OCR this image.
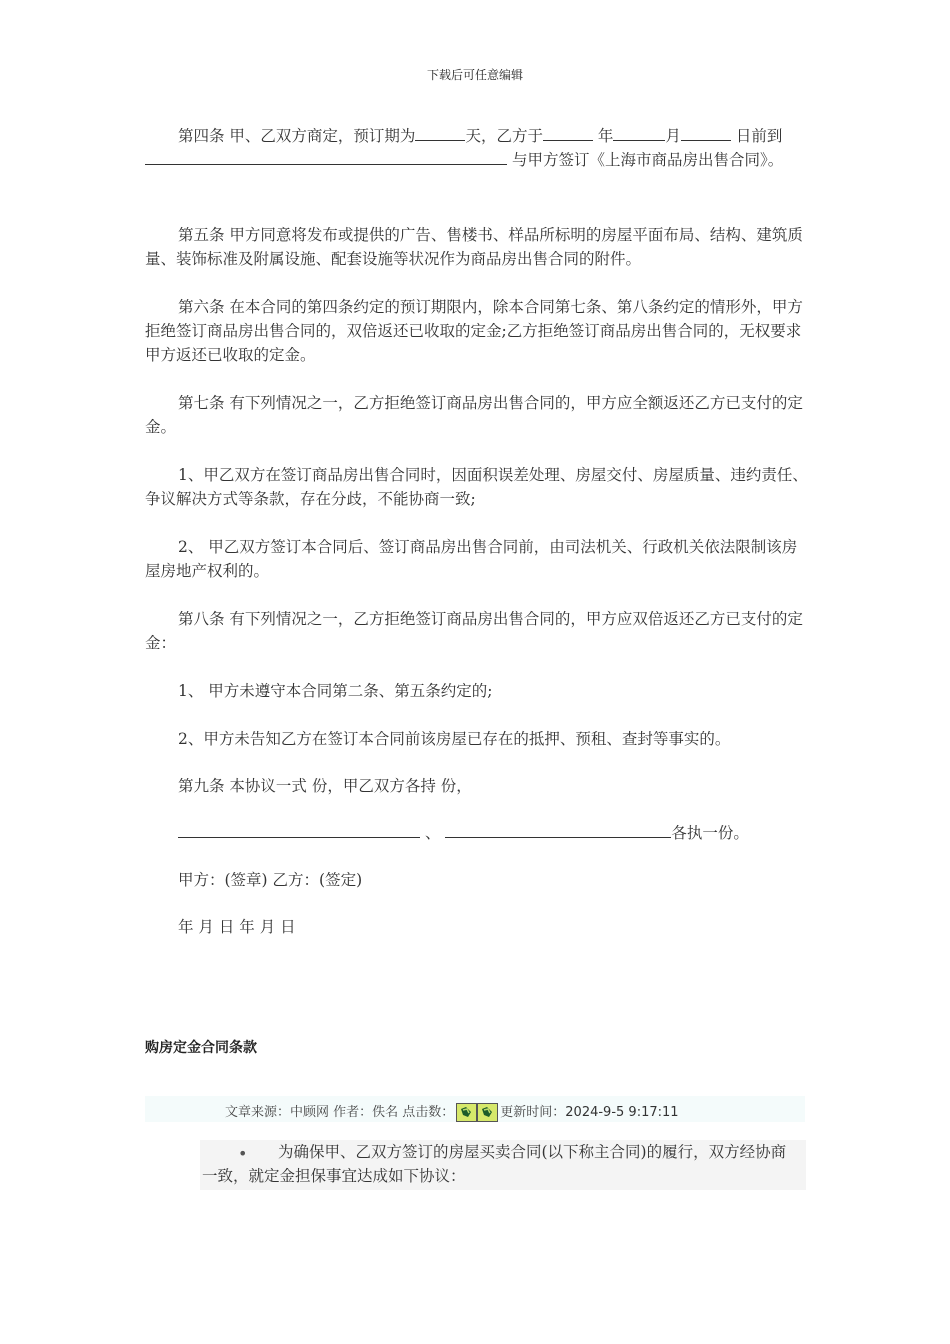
下载后可任意编辑
第四条 甲、乙双方商定，预订期为	天，乙方于	年	月	日前到  与甲方签订《上海市商品房出售合同》。
第五条 甲方同意将发布或提供的广告、售楼书、样品所标明的房屋平面布局、结构、建筑质量、装饰标准及附属设施、配套设施等状况作为商品房出售合同的附件。
第六条 在本合同的第四条约定的预订期限内，除本合同第七条、第八条约定的情形外，甲方拒绝签订商品房出售合同的，双倍返还已收取的定金;乙方拒绝签订商品房出售合同的，无权要求甲方返还已收取的定金。
第七条 有下列情况之一，乙方拒绝签订商品房出售合同的，甲方应全额返还乙方已支付的定金。
1、甲乙双方在签订商品房出售合同时，因面积误差处理、房屋交付、房屋质量、违约责任、争议解决方式等条款，存在分歧，不能协商一致;
2、 甲乙双方签订本合同后、签订商品房出售合同前，由司法机关、行政机关依法限制该房屋房地产权利的。
第八条 有下列情况之一，乙方拒绝签订商品房出售合同的，甲方应双倍返还乙方已支付的定金：
1、 甲方未遵守本合同第二条、第五条约定的;
2、甲方未告知乙方在签订本合同前该房屋已存在的抵押、预租、查封等事实的。
第九条 本协议一式 份，甲乙双方各持 份，
、	各执一份。
甲方：(签章) 乙方：(签定)
年 月 日 年 月 日
购房定金合同条款
文章来源：中顾网 作者：佚名 点击数：	更新时间：2024-9-5 9:17:11
•	为确保甲、乙双方签订的房屋买卖合同(以下称主合同)的履行，双方经协商一致，就定金担保事宜达成如下协议：
